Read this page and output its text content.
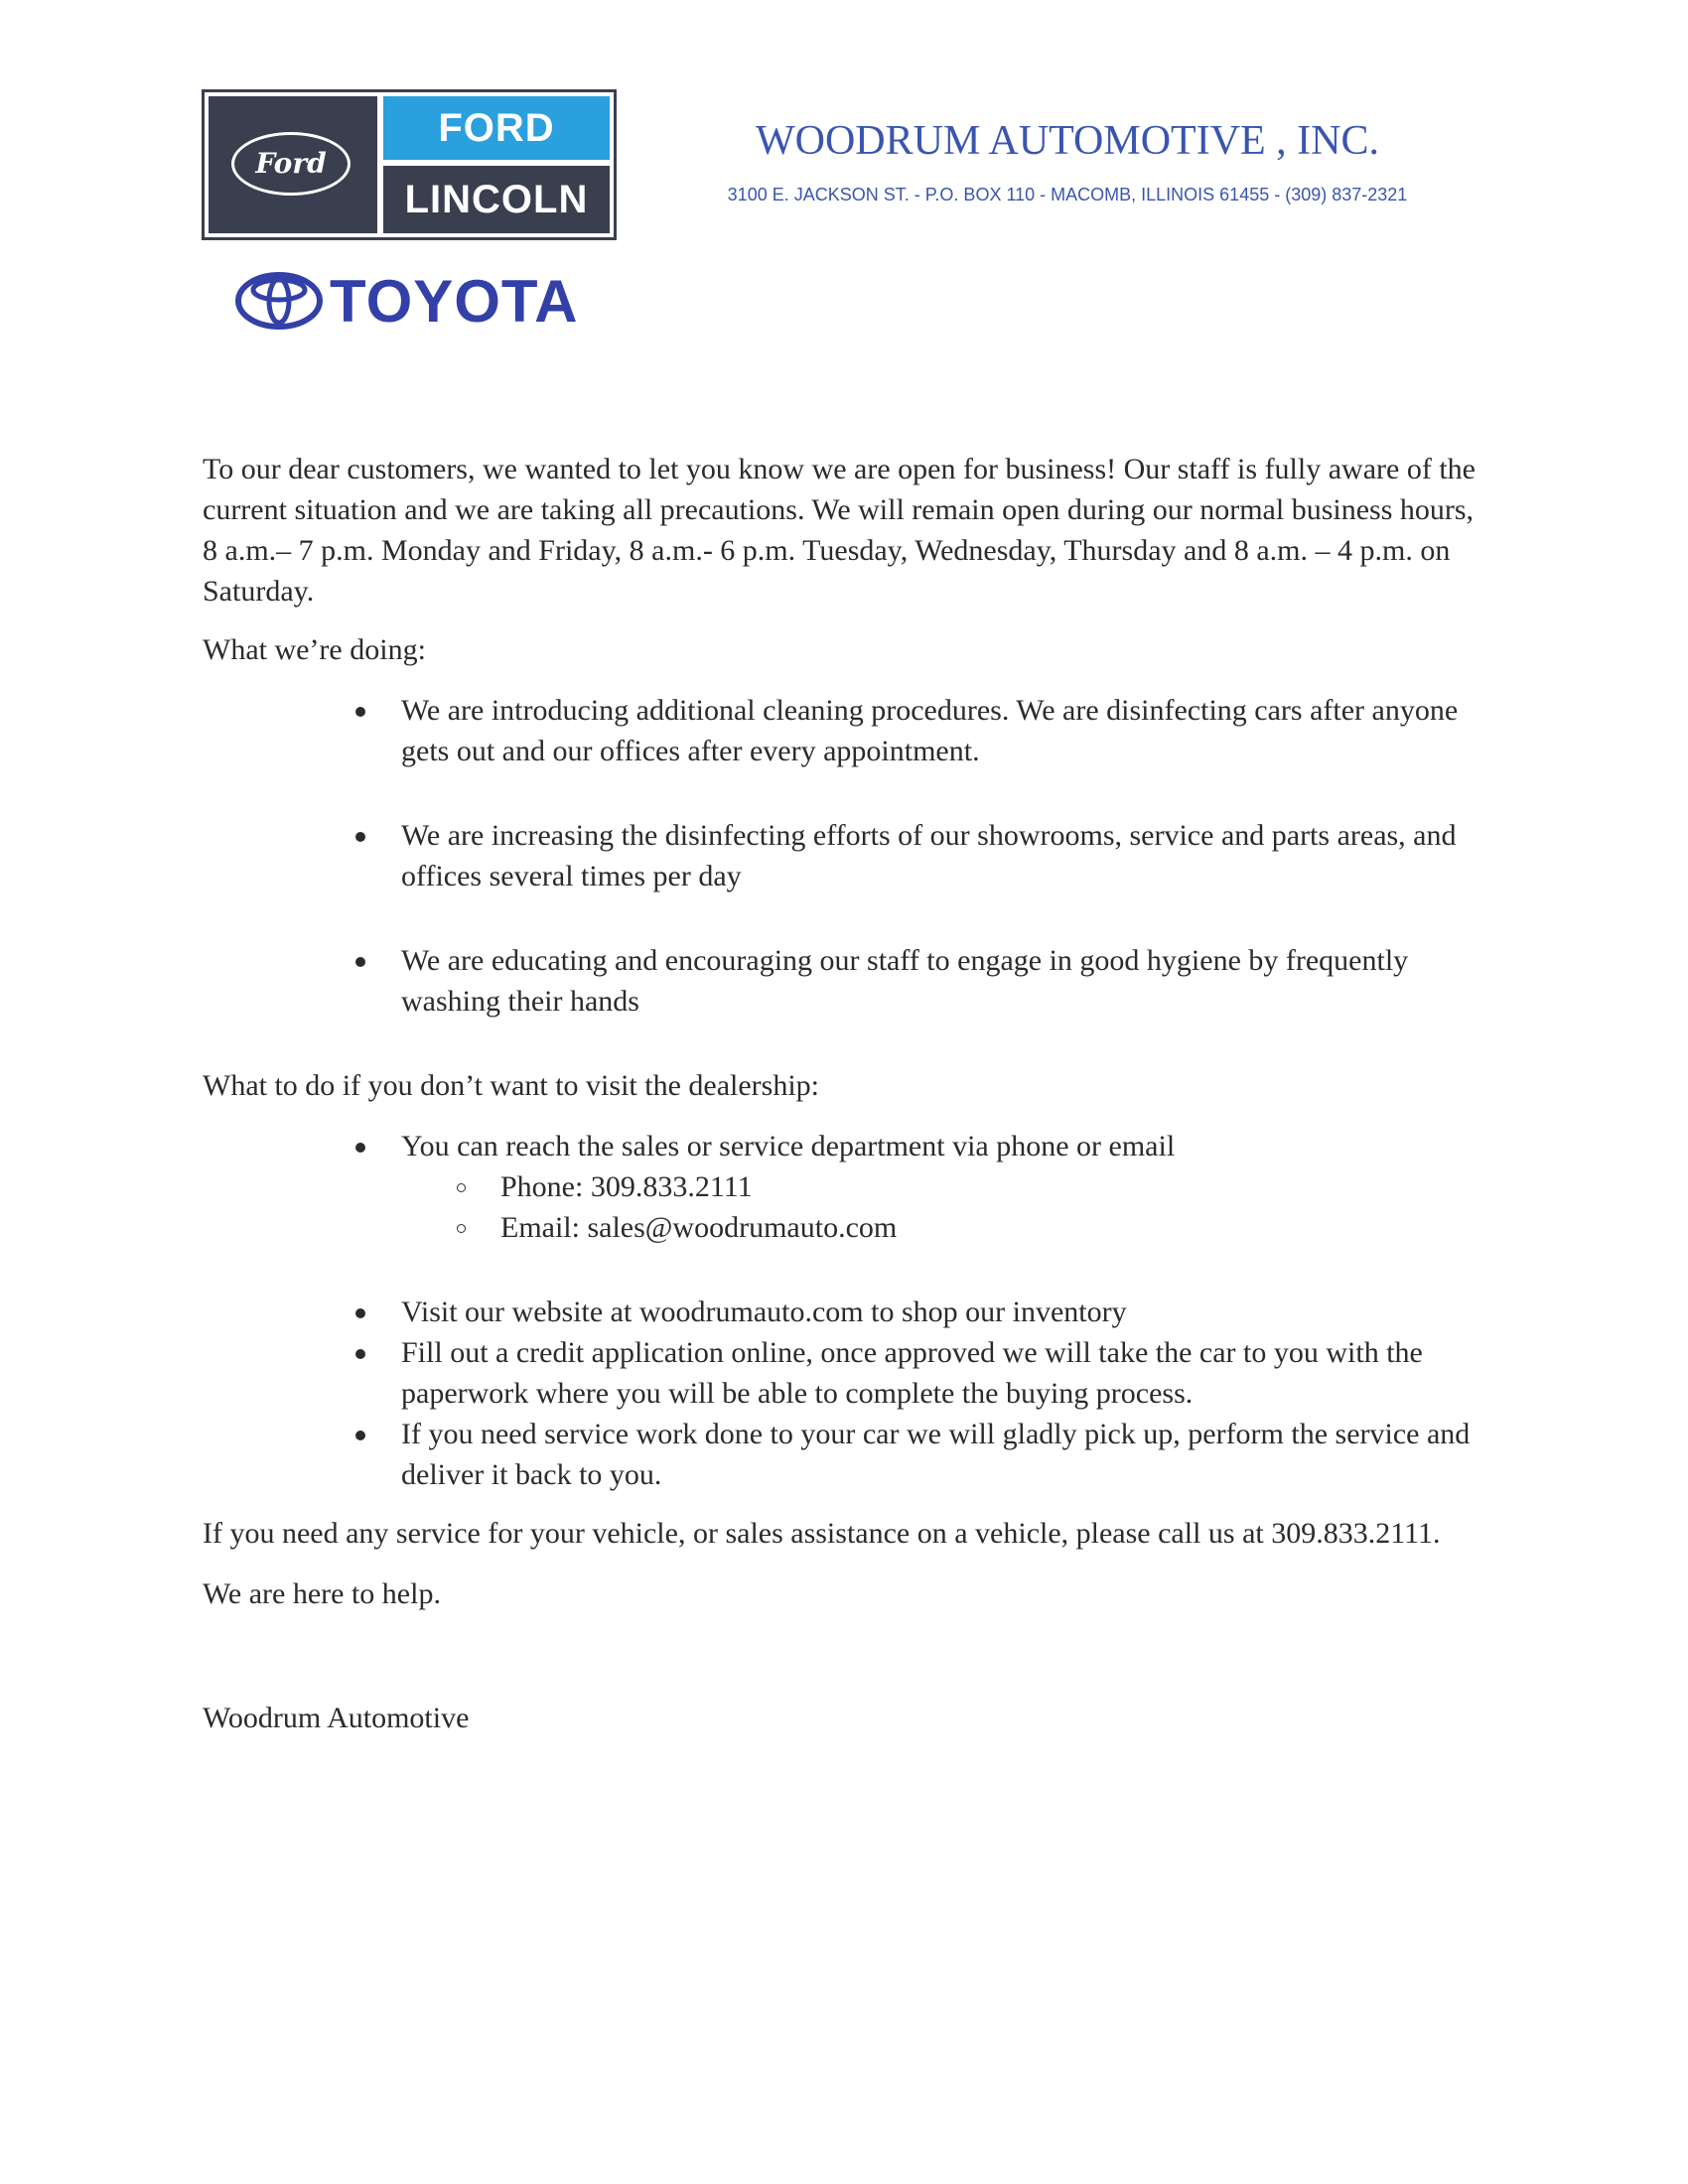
Ford
FORD
LINCOLN
TOYOTA
WOODRUM AUTOMOTIVE , INC.
3100 E. JACKSON ST. - P.O. BOX 110 - MACOMB, ILLINOIS 61455 - (309) 837-2321

To our dear customers, we wanted to let you know we are open for business! Our staff is fully aware of the current situation and we are taking all precautions. We will remain open during our normal business hours, 8 a.m.– 7 p.m. Monday and Friday, 8 a.m.- 6 p.m. Tuesday, Wednesday, Thursday and 8 a.m. – 4 p.m. on Saturday.

What we’re doing:

We are introducing additional cleaning procedures. We are disinfecting cars after anyone gets out and our offices after every appointment.
We are increasing the disinfecting efforts of our showrooms, service and parts areas, and offices several times per day
We are educating and encouraging our staff to engage in good hygiene by frequently washing their hands

What to do if you don’t want to visit the dealership:

You can reach the sales or service department via phone or email
Phone: 309.833.2111
Email: sales@woodrumauto.com
Visit our website at woodrumauto.com to shop our inventory
Fill out a credit application online, once approved we will take the car to you with the paperwork where you will be able to complete the buying process.
If you need service work done to your car we will gladly pick up, perform the service and deliver it back to you.

If you need any service for your vehicle, or sales assistance on a vehicle, please call us at 309.833.2111.

We are here to help.

Woodrum Automotive
